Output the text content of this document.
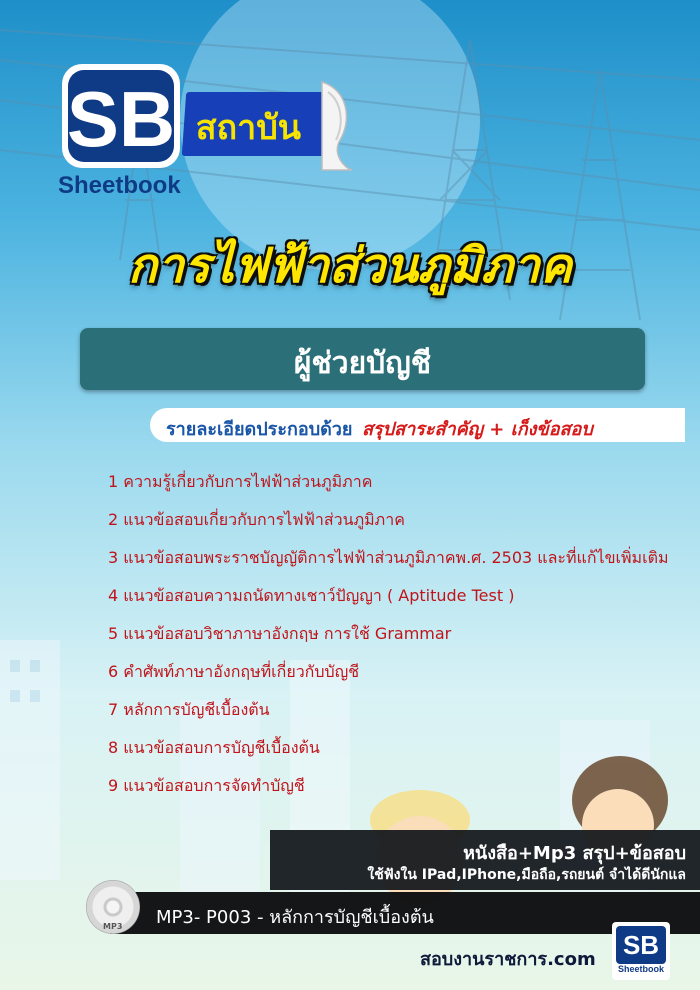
SB สถาบัน
Sheetbook
การไฟฟ้าส่วนภูมิภาค
ผู้ช่วยบัญชี
รายละเอียดประกอบด้วย สรุปสาระสำคัญ + เก็งข้อสอบ
1 ความรู้เกี่ยวกับการไฟฟ้าส่วนภูมิภาค
2 แนวข้อสอบเกี่ยวกับการไฟฟ้าส่วนภูมิภาค
3 แนวข้อสอบพระราชบัญญัติการไฟฟ้าส่วนภูมิภาคพ.ศ. 2503 และที่แก้ไขเพิ่มเติม
4 แนวข้อสอบความถนัดทางเชาว์ปัญญา ( Aptitude Test )
5 แนวข้อสอบวิชาภาษาอังกฤษ การใช้ Grammar
6 คำศัพท์ภาษาอังกฤษที่เกี่ยวกับบัญชี
7 หลักการบัญชีเบื้องต้น
8 แนวข้อสอบการบัญชีเบื้องต้น
9 แนวข้อสอบการจัดทำบัญชี
หนังสือ+Mp3 สรุป+ข้อสอบ
ใช้ฟังใน IPad,IPhone,มือถือ,รถยนต์ จำได้ดีนักแล
MP3- P003 - หลักการบัญชีเบื้องต้น
MP3
สอบงานราชการ.com SB
Sheetbook
